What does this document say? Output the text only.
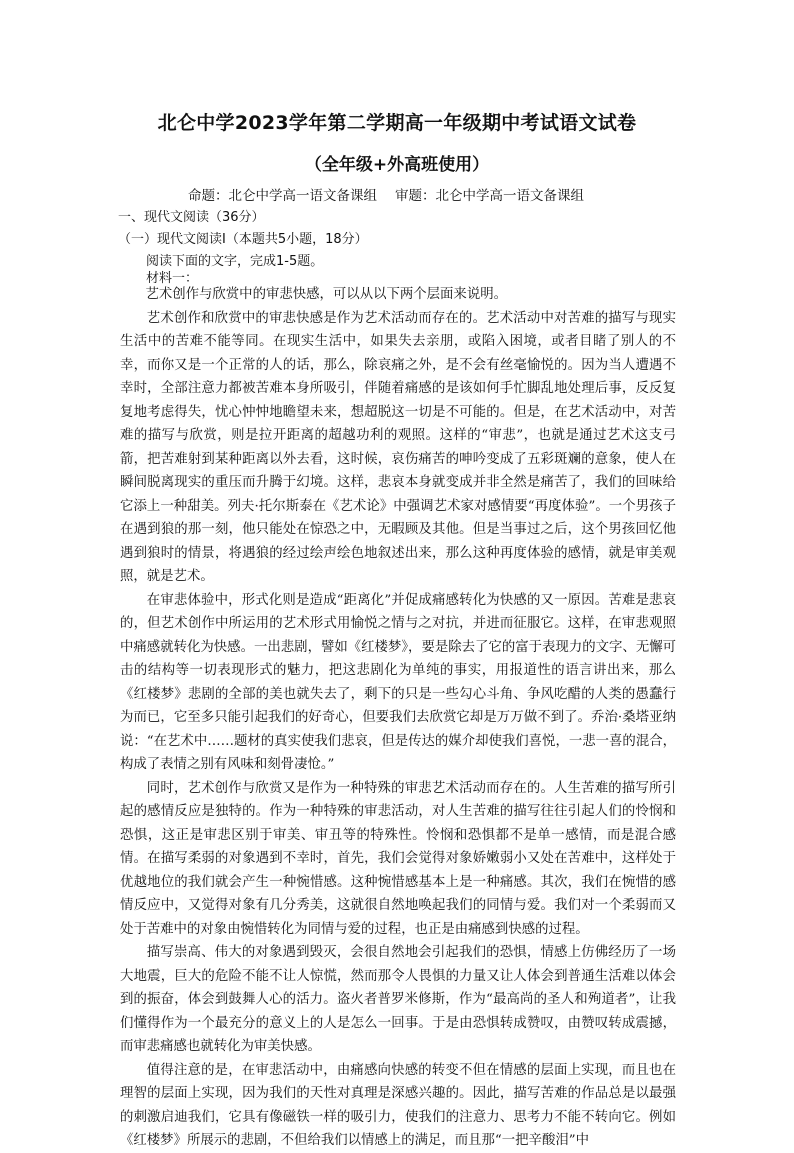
北仑中学2023学年第二学期高一年级期中考试语文试卷
（全年级+外高班使用）
命题：北仑中学高一语文备课组 审题：北仑中学高一语文备课组
一、现代文阅读（36分）
（一）现代文阅读Ⅰ（本题共5小题，18分）
阅读下面的文字，完成1-5题。
材料一：

艺术创作与欣赏中的审悲快感，可以从以下两个层面来说明。

艺术创作和欣赏中的审悲快感是作为艺术活动而存在的。艺术活动中对苦难的描写与现实生活中的苦难不能等同。在现实生活中，如果失去亲朋，或陷入困境，或者目睹了别人的不幸，而你又是一个正常的人的话，那么，除哀痛之外，是不会有丝毫愉悦的。因为当人遭遇不幸时，全部注意力都被苦难本身所吸引，伴随着痛感的是该如何手忙脚乱地处理后事，反反复复地考虑得失，忧心忡忡地瞻望未来，想超脱这一切是不可能的。但是，在艺术活动中，对苦难的描写与欣赏，则是拉开距离的超越功利的观照。这样的“审悲”，也就是通过艺术这支弓箭，把苦难射到某种距离以外去看，这时候，哀伤痛苦的呻吟变成了五彩斑斓的意象，使人在瞬间脱离现实的重压而升腾于幻境。这样，悲哀本身就变成并非全然是痛苦了，我们的回味给它添上一种甜美。列夫·托尔斯泰在《艺术论》中强调艺术家对感情要“再度体验”。一个男孩子在遇到狼的那一刻，他只能处在惊恐之中，无暇顾及其他。但是当事过之后，这个男孩回忆他遇到狼时的情景，将遇狼的经过绘声绘色地叙述出来，那么这种再度体验的感情，就是审美观照，就是艺术。

在审悲体验中，形式化则是造成“距离化”并促成痛感转化为快感的又一原因。苦难是悲哀的，但艺术创作中所运用的艺术形式用愉悦之情与之对抗，并进而征服它。这样，在审悲观照中痛感就转化为快感。一出悲剧，譬如《红楼梦》，要是除去了它的富于表现力的文字、无懈可击的结构等一切表现形式的魅力，把这悲剧化为单纯的事实，用报道性的语言讲出来，那么《红楼梦》悲剧的全部的美也就失去了，剩下的只是一些勾心斗角、争风吃醋的人类的愚蠢行为而已，它至多只能引起我们的好奇心，但要我们去欣赏它却是万万做不到了。乔治·桑塔亚纳说：“在艺术中……题材的真实使我们悲哀，但是传达的媒介却使我们喜悦，一悲一喜的混合，构成了表情之别有风味和刻骨凄怆。”

同时，艺术创作与欣赏又是作为一种特殊的审悲艺术活动而存在的。人生苦难的描写所引起的感情反应是独特的。作为一种特殊的审悲活动，对人生苦难的描写往往引起人们的怜悯和恐惧，这正是审悲区别于审美、审丑等的特殊性。怜悯和恐惧都不是单一感情，而是混合感情。在描写柔弱的对象遇到不幸时，首先，我们会觉得对象娇嫩弱小又处在苦难中，这样处于优越地位的我们就会产生一种惋惜感。这种惋惜感基本上是一种痛感。其次，我们在惋惜的感情反应中，又觉得对象有几分秀美，这就很自然地唤起我们的同情与爱。我们对一个柔弱而又处于苦难中的对象由惋惜转化为同情与爱的过程，也正是由痛感到快感的过程。

描写崇高、伟大的对象遇到毁灭，会很自然地会引起我们的恐惧，情感上仿佛经历了一场大地震，巨大的危险不能不让人惊慌，然而那令人畏惧的力量又让人体会到普通生活难以体会到的振奋，体会到鼓舞人心的活力。盗火者普罗米修斯，作为“最高尚的圣人和殉道者”，让我们懂得作为一个最充分的意义上的人是怎么一回事。于是由恐惧转成赞叹，由赞叹转成震撼，而审悲痛感也就转化为审美快感。

值得注意的是，在审悲活动中，由痛感向快感的转变不但在情感的层面上实现，而且也在理智的层面上实现，因为我们的天性对真理是深感兴趣的。因此，描写苦难的作品总是以最强的刺激启迪我们，它具有像磁铁一样的吸引力，使我们的注意力、思考力不能不转向它。例如《红楼梦》所展示的悲剧，不但给我们以情感上的满足，而且那“一把辛酸泪”中
